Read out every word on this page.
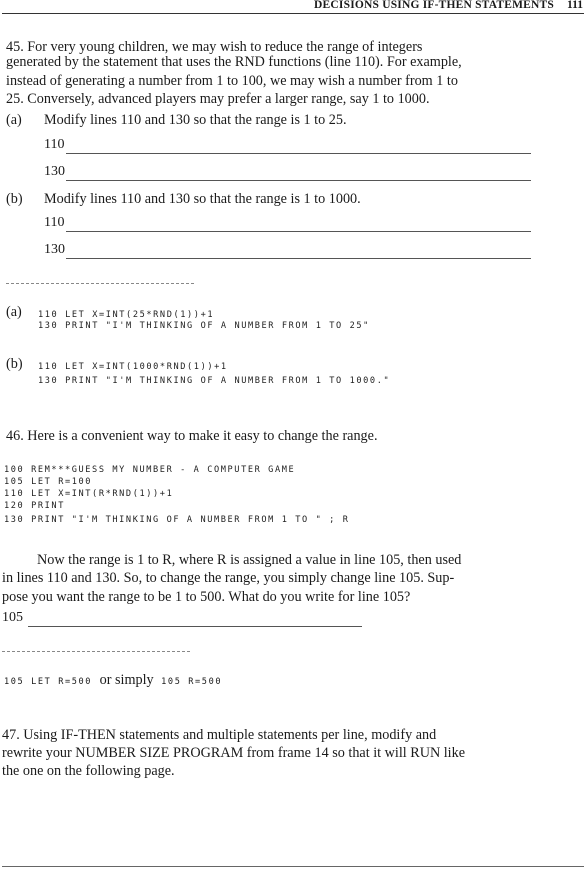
DECISIONS USING IF-THEN STATEMENTS 111
45. For very young children, we may wish to reduce the range of integers
generated by the statement that uses the RND functions (line 110). For example,
instead of generating a number from 1 to 100, we may wish a number from 1 to
25. Conversely, advanced players may prefer a larger range, say 1 to 1000.
(a) Modify lines 110 and 130 so that the range is 1 to 25.
110
130
(b) Modify lines 110 and 130 so that the range is 1 to 1000.
110
130
(a) 110 LET X=INT(25*RND(1))+1
130 PRINT "I'M THINKING OF A NUMBER FROM 1 TO 25"
(b) 110 LET X=INT(1000*RND(1))+1
130 PRINT "I'M THINKING OF A NUMBER FROM 1 TO 1000."
46. Here is a convenient way to make it easy to change the range.
100 REM***GUESS MY NUMBER - A COMPUTER GAME
105 LET R=100
110 LET X=INT(R*RND(1))+1
120 PRINT
130 PRINT "I'M THINKING OF A NUMBER FROM 1 TO " ; R
Now the range is 1 to R, where R is assigned a value in line 105, then used
in lines 110 and 130. So, to change the range, you simply change line 105. Sup-
pose you want the range to be 1 to 500. What do you write for line 105?
105
105 LET R=500 or simply 105 R=500
47. Using IF-THEN statements and multiple statements per line, modify and
rewrite your NUMBER SIZE PROGRAM from frame 14 so that it will RUN like
the one on the following page.
